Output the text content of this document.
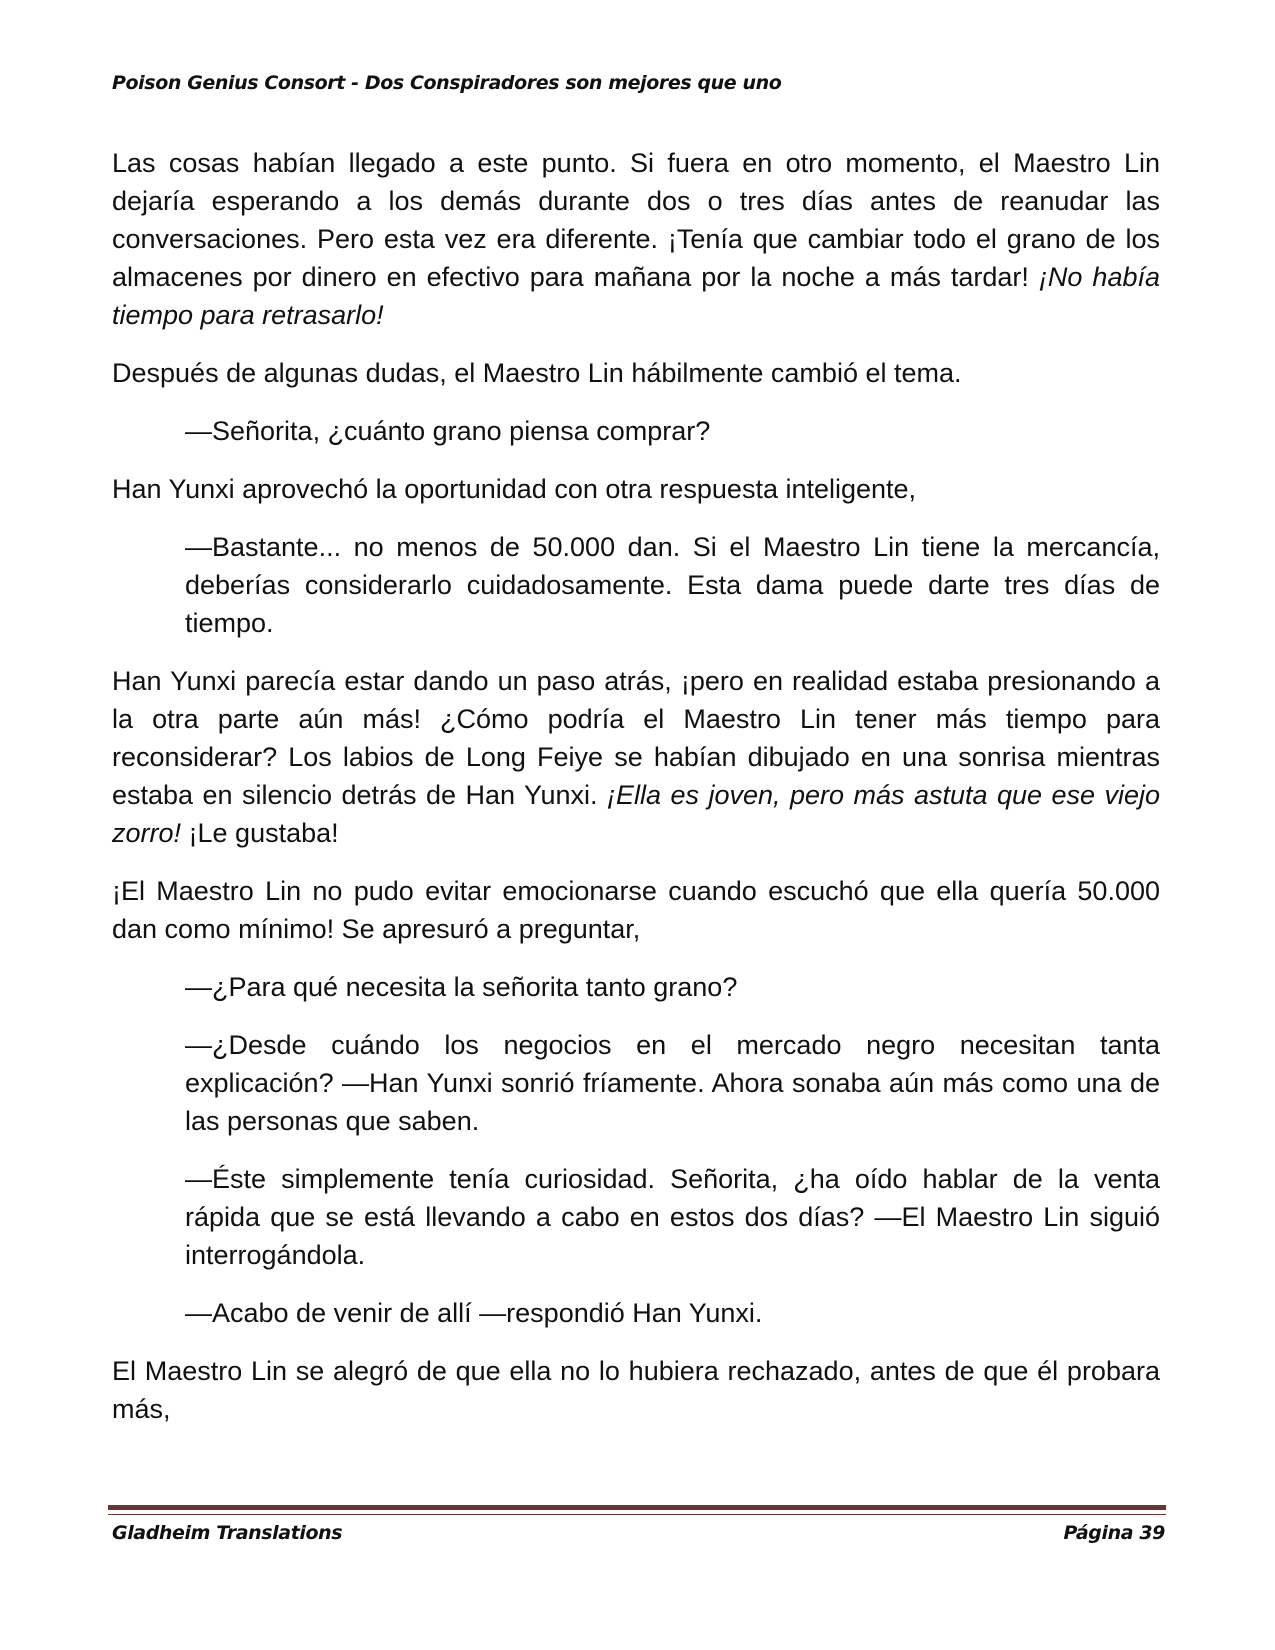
Poison Genius Consort - Dos Conspiradores son mejores que uno

Las cosas habían llegado a este punto. Si fuera en otro momento, el Maestro Lin dejaría esperando a los demás durante dos o tres días antes de reanudar las conversaciones. Pero esta vez era diferente. ¡Tenía que cambiar todo el grano de los almacenes por dinero en efectivo para mañana por la noche a más tardar! ¡No había tiempo para retrasarlo!

Después de algunas dudas, el Maestro Lin hábilmente cambió el tema.

—Señorita, ¿cuánto grano piensa comprar?

Han Yunxi aprovechó la oportunidad con otra respuesta inteligente,

—Bastante... no menos de 50.000 dan. Si el Maestro Lin tiene la mercancía, deberías considerarlo cuidadosamente. Esta dama puede darte tres días de tiempo.

Han Yunxi parecía estar dando un paso atrás, ¡pero en realidad estaba presionando a la otra parte aún más! ¿Cómo podría el Maestro Lin tener más tiempo para reconsiderar? Los labios de Long Feiye se habían dibujado en una sonrisa mientras estaba en silencio detrás de Han Yunxi. ¡Ella es joven, pero más astuta que ese viejo zorro! ¡Le gustaba!

¡El Maestro Lin no pudo evitar emocionarse cuando escuchó que ella quería 50.000 dan como mínimo! Se apresuró a preguntar,

—¿Para qué necesita la señorita tanto grano?

—¿Desde cuándo los negocios en el mercado negro necesitan tanta explicación? —Han Yunxi sonrió fríamente. Ahora sonaba aún más como una de las personas que saben.

—Éste simplemente tenía curiosidad. Señorita, ¿ha oído hablar de la venta rápida que se está llevando a cabo en estos dos días? —El Maestro Lin siguió interrogándola.

—Acabo de venir de allí —respondió Han Yunxi.

El Maestro Lin se alegró de que ella no lo hubiera rechazado, antes de que él probara más,

Gladheim Translations	Página 39
